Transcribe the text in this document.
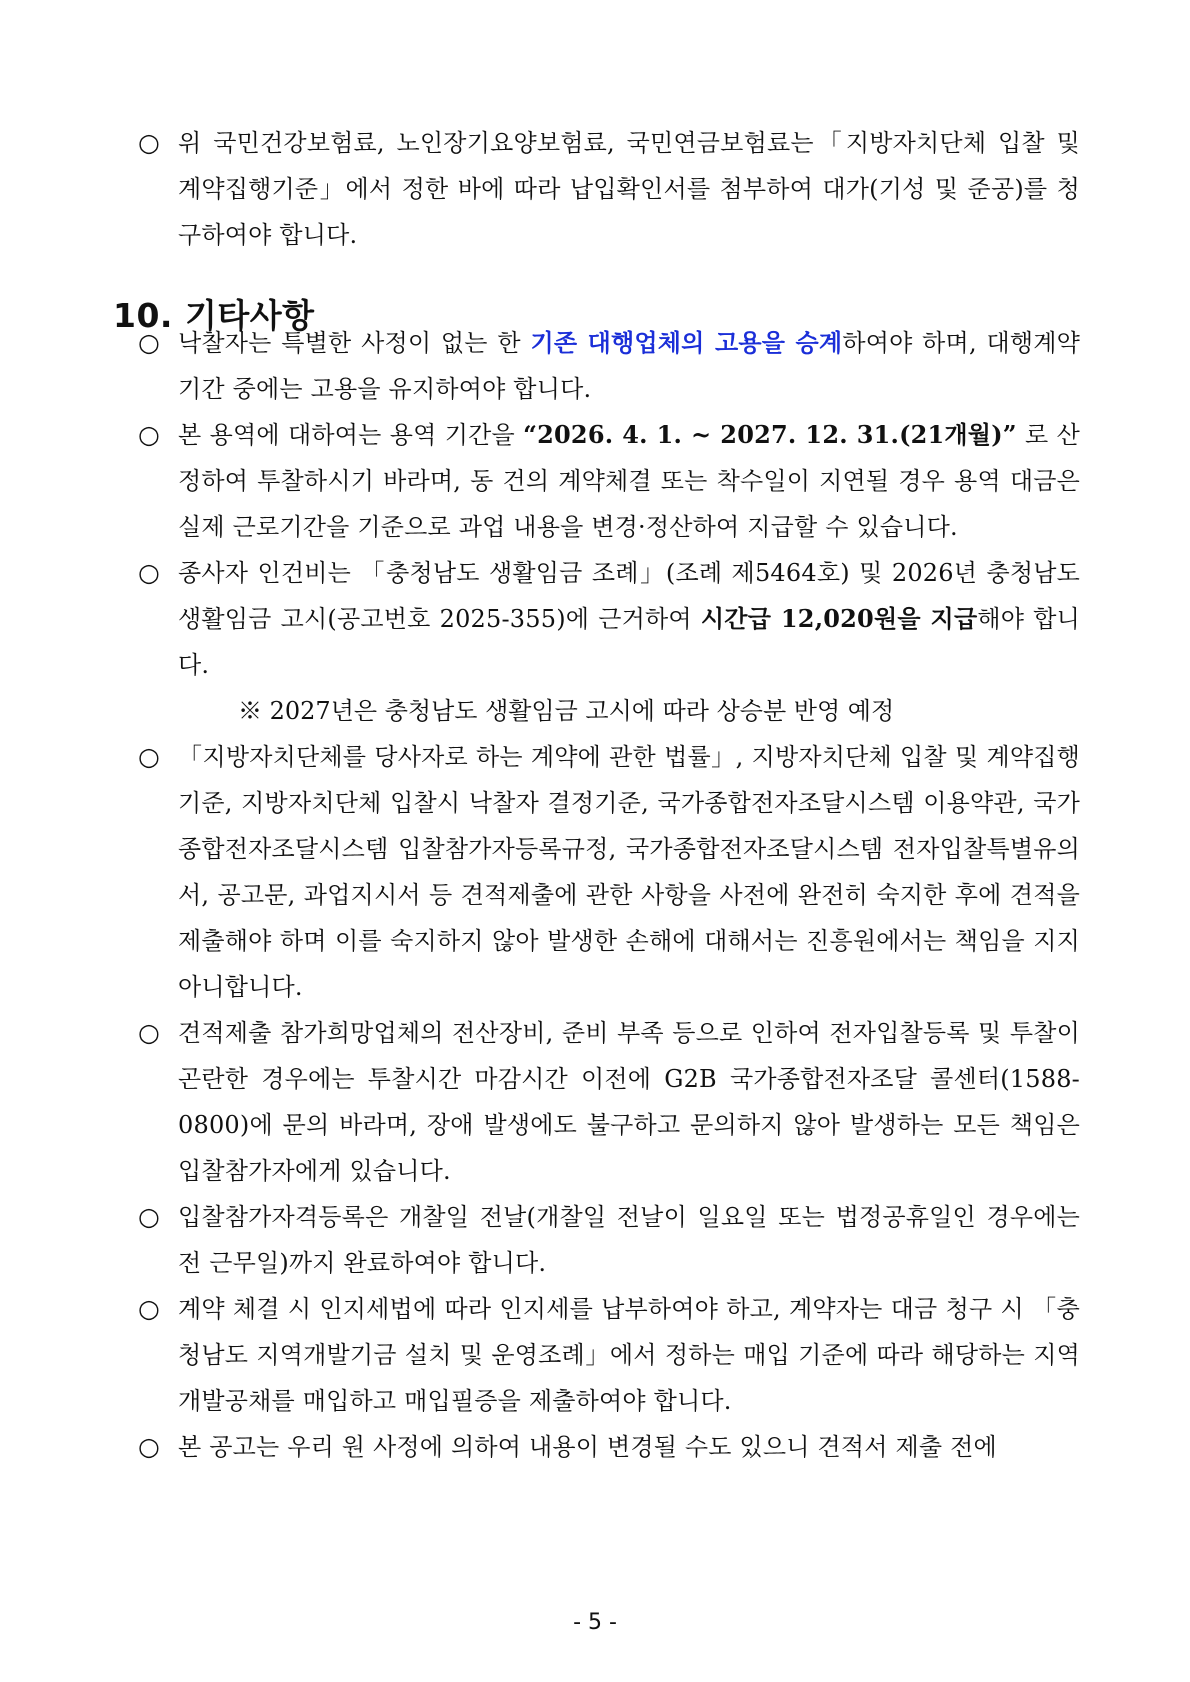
○ 위 국민건강보험료, 노인장기요양보험료, 국민연금보험료는「지방자치단체 입찰 및 계약집행기준」에서 정한 바에 따라 납입확인서를 첨부하여 대가(기성 및 준공)를 청구하여야 합니다.
10. 기타사항
○ 낙찰자는 특별한 사정이 없는 한 기존 대행업체의 고용을 승계하여야 하며, 대행계약기간 중에는 고용을 유지하여야 합니다.
○ 본 용역에 대하여는 용역 기간을 “2026. 4. 1. ~ 2027. 12. 31.(21개월)” 로 산정하여 투찰하시기 바라며, 동 건의 계약체결 또는 착수일이 지연될 경우 용역 대금은 실제 근로기간을 기준으로 과업 내용을 변경·정산하여 지급할 수 있습니다.
○ 종사자 인건비는 「충청남도 생활임금 조례」(조례 제5464호) 및 2026년 충청남도 생활임금 고시(공고번호 2025-355)에 근거하여 시간급 12,020원을 지급해야 합니다.
※ 2027년은 충청남도 생활임금 고시에 따라 상승분 반영 예정
○ 「지방자치단체를 당사자로 하는 계약에 관한 법률」, 지방자치단체 입찰 및 계약집행기준, 지방자치단체 입찰시 낙찰자 결정기준, 국가종합전자조달시스템 이용약관, 국가종합전자조달시스템 입찰참가자등록규정, 국가종합전자조달시스템 전자입찰특별유의서, 공고문, 과업지시서 등 견적제출에 관한 사항을 사전에 완전히 숙지한 후에 견적을 제출해야 하며 이를 숙지하지 않아 발생한 손해에 대해서는 진흥원에서는 책임을 지지 아니합니다.
○ 견적제출 참가희망업체의 전산장비, 준비 부족 등으로 인하여 전자입찰등록 및 투찰이 곤란한 경우에는 투찰시간 마감시간 이전에 G2B 국가종합전자조달 콜센터(1588-0800)에 문의 바라며, 장애 발생에도 불구하고 문의하지 않아 발생하는 모든 책임은 입찰참가자에게 있습니다.
○ 입찰참가자격등록은 개찰일 전날(개찰일 전날이 일요일 또는 법정공휴일인 경우에는 전 근무일)까지 완료하여야 합니다.
○ 계약 체결 시 인지세법에 따라 인지세를 납부하여야 하고, 계약자는 대금 청구 시 「충청남도 지역개발기금 설치 및 운영조례」에서 정하는 매입 기준에 따라 해당하는 지역개발공채를 매입하고 매입필증을 제출하여야 합니다.
○ 본 공고는 우리 원 사정에 의하여 내용이 변경될 수도 있으니 견적서 제출 전에
- 5 -
